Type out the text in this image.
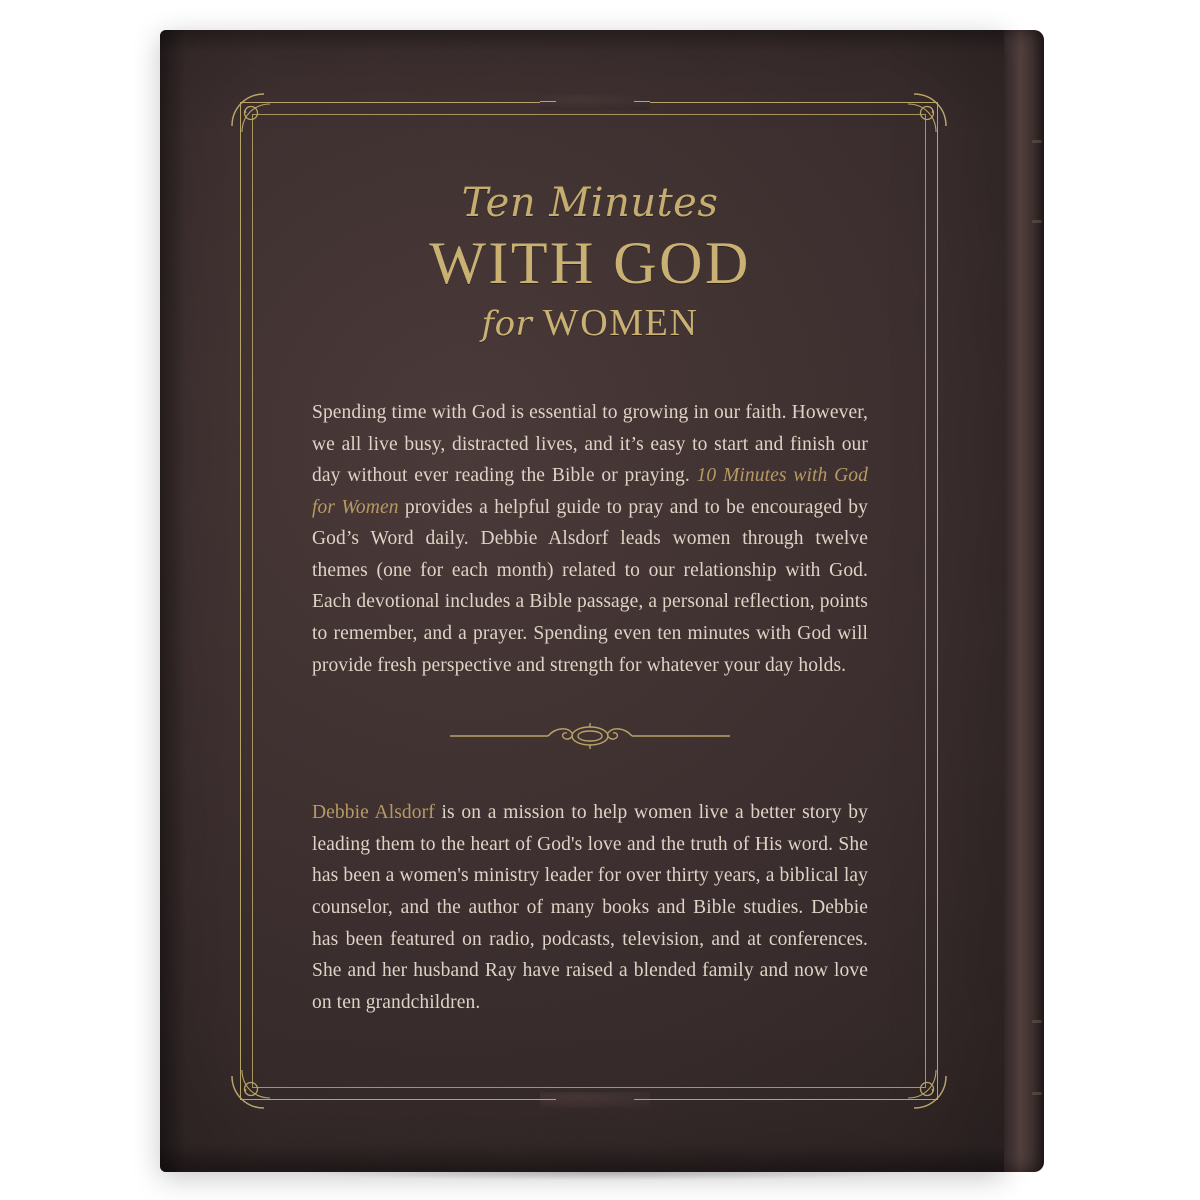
Ten Minutes

WITH GOD

for WOMEN

Spending time with God is essential to growing in our faith. However, we all live busy, distracted lives, and it’s easy to start and finish our day without ever reading the Bible or praying. 10 Minutes with God for Women provides a helpful guide to pray and to be encouraged by God’s Word daily. Debbie Alsdorf leads women through twelve themes (one for each month) related to our relationship with God. Each devotional includes a Bible passage, a personal reflection, points to remember, and a prayer. Spending even ten minutes with God will provide fresh perspective and strength for whatever your day holds.

Debbie Alsdorf is on a mission to help women live a better story by leading them to the heart of God's love and the truth of His word. She has been a women's ministry leader for over thirty years, a biblical lay counselor, and the author of many books and Bible studies. Debbie has been featured on radio, podcasts, television, and at conferences. She and her husband Ray have raised a blended family and now love on ten grandchildren.
